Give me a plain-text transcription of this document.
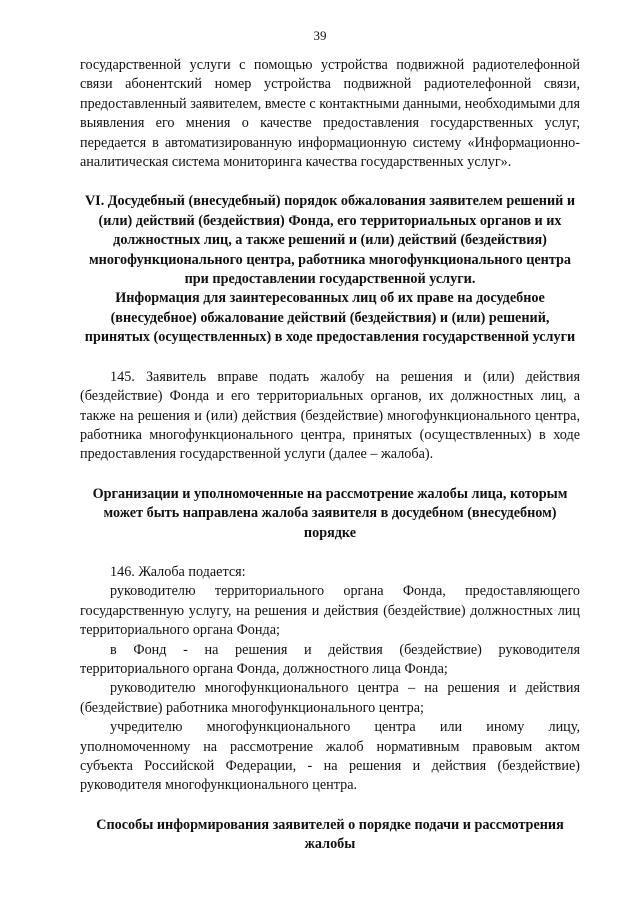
39

государственной услуги с помощью устройства подвижной радиотелефонной связи абонентский номер устройства подвижной радиотелефонной связи, предоставленный заявителем, вместе с контактными данными, необходимыми для выявления его мнения о качестве предоставления государственных услуг, передается в автоматизированную информационную систему «Информационно-аналитическая система мониторинга качества государственных услуг».

VI. Досудебный (внесудебный) порядок обжалования заявителем решений и (или) действий (бездействия) Фонда, его территориальных органов и их должностных лиц, а также решений и (или) действий (бездействия) многофункционального центра, работника многофункционального центра при предоставлении государственной услуги.

Информация для заинтересованных лиц об их праве на досудебное (внесудебное) обжалование действий (бездействия) и (или) решений, принятых (осуществленных) в ходе предоставления государственной услуги

145. Заявитель вправе подать жалобу на решения и (или) действия (бездействие) Фонда и его территориальных органов, их должностных лиц, а также на решения и (или) действия (бездействие) многофункционального центра, работника многофункционального центра, принятых (осуществленных) в ходе предоставления государственной услуги (далее – жалоба).

Организации и уполномоченные на рассмотрение жалобы лица, которым может быть направлена жалоба заявителя в досудебном (внесудебном) порядке

146. Жалоба подается:

руководителю территориального органа Фонда, предоставляющего государственную услугу, на решения и действия (бездействие) должностных лиц территориального органа Фонда;

в Фонд - на решения и действия (бездействие) руководителя территориального органа Фонда, должностного лица Фонда;

руководителю многофункционального центра – на решения и действия (бездействие) работника многофункционального центра;

учредителю многофункционального центра или иному лицу, уполномоченному на рассмотрение жалоб нормативным правовым актом субъекта Российской Федерации, - на решения и действия (бездействие) руководителя многофункционального центра.

Способы информирования заявителей о порядке подачи и рассмотрения жалобы
